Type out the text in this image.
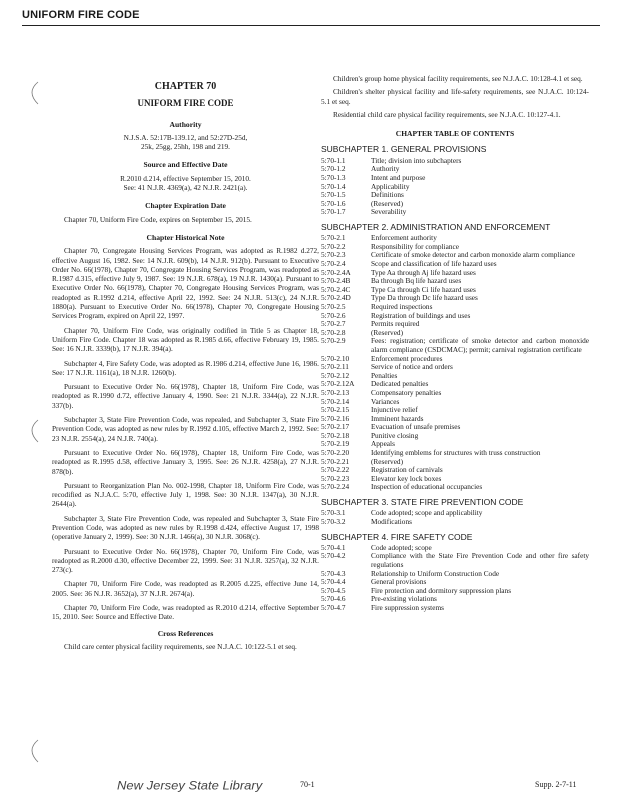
UNIFORM FIRE CODE
CHAPTER 70
UNIFORM FIRE CODE
Authority
N.J.S.A. 52:17B-139.12, and 52:27D-25d,
25k, 25gg, 25hh, 198 and 219.
Source and Effective Date
R.2010 d.214, effective September 15, 2010.
See: 41 N.J.R. 4369(a), 42 N.J.R. 2421(a).
Chapter Expiration Date
Chapter 70, Uniform Fire Code, expires on September 15, 2015.
Chapter Historical Note
Chapter 70, Congregate Housing Services Program, was adopted as R.1982 d.272, effective August 16, 1982. See: 14 N.J.R. 609(b), 14 N.J.R. 912(b). Pursuant to Executive Order No. 66(1978), Chapter 70, Congregate Housing Services Program, was readopted as R.1987 d.315, effective July 9, 1987. See: 19 N.J.R. 678(a), 19 N.J.R. 1430(a). Pursuant to Executive Order No. 66(1978), Chapter 70, Congregate Housing Services Program, was readopted as R.1992 d.214, effective April 22, 1992. See: 24 N.J.R. 513(c), 24 N.J.R. 1880(a). Pursuant to Executive Order No. 66(1978), Chapter 70, Congregate Housing Services Program, expired on April 22, 1997.
Chapter 70, Uniform Fire Code, was originally codified in Title 5 as Chapter 18, Uniform Fire Code. Chapter 18 was adopted as R.1985 d.66, effective February 19, 1985. See: 16 N.J.R. 3339(b), 17 N.J.R. 394(a).
Subchapter 4, Fire Safety Code, was adopted as R.1986 d.214, effective June 16, 1986. See: 17 N.J.R. 1161(a), 18 N.J.R. 1260(b).
Pursuant to Executive Order No. 66(1978), Chapter 18, Uniform Fire Code, was readopted as R.1990 d.72, effective January 4, 1990. See: 21 N.J.R. 3344(a), 22 N.J.R. 337(b).
Subchapter 3, State Fire Prevention Code, was repealed, and Subchapter 3, State Fire Prevention Code, was adopted as new rules by R.1992 d.105, effective March 2, 1992. See: 23 N.J.R. 2554(a), 24 N.J.R. 740(a).
Pursuant to Executive Order No. 66(1978), Chapter 18, Uniform Fire Code, was readopted as R.1995 d.58, effective January 3, 1995. See: 26 N.J.R. 4258(a), 27 N.J.R. 878(b).
Pursuant to Reorganization Plan No. 002-1998, Chapter 18, Uniform Fire Code, was recodified as N.J.A.C. 5:70, effective July 1, 1998. See: 30 N.J.R. 1347(a), 30 N.J.R. 2644(a).
Subchapter 3, State Fire Prevention Code, was repealed and Subchapter 3, State Fire Prevention Code, was adopted as new rules by R.1998 d.424, effective August 17, 1998 (operative January 2, 1999). See: 30 N.J.R. 1466(a), 30 N.J.R. 3068(c).
Pursuant to Executive Order No. 66(1978), Chapter 70, Uniform Fire Code, was readopted as R.2000 d.30, effective December 22, 1999. See: 31 N.J.R. 3257(a), 32 N.J.R. 273(c).
Chapter 70, Uniform Fire Code, was readopted as R.2005 d.225, effective June 14, 2005. See: 36 N.J.R. 3652(a), 37 N.J.R. 2674(a).
Chapter 70, Uniform Fire Code, was readopted as R.2010 d.214, effective September 15, 2010. See: Source and Effective Date.
Cross References
Child care center physical facility requirements, see N.J.A.C. 10:122-5.1 et seq.
Children's group home physical facility requirements, see N.J.A.C. 10:128-4.1 et seq.
Children's shelter physical facility and life-safety requirements, see N.J.A.C. 10:124-5.1 et seq.
Residential child care physical facility requirements, see N.J.A.C. 10:127-4.1.
CHAPTER TABLE OF CONTENTS
SUBCHAPTER 1. GENERAL PROVISIONS
5:70-1.1	Title; division into subchapters
5:70-1.2	Authority
5:70-1.3	Intent and purpose
5:70-1.4	Applicability
5:70-1.5	Definitions
5:70-1.6	(Reserved)
5:70-1.7	Severability
SUBCHAPTER 2. ADMINISTRATION AND ENFORCEMENT
5:70-2.1	Enforcement authority
5:70-2.2	Responsibility for compliance
5:70-2.3	Certificate of smoke detector and carbon monoxide alarm compliance
5:70-2.4	Scope and classification of life hazard uses
5:70-2.4A	Type Aa through Aj life hazard uses
5:70-2.4B	Ba through Bq life hazard uses
5:70-2.4C	Type Ca through Ci life hazard uses
5:70-2.4D	Type Da through Dc life hazard uses
5:70-2.5	Required inspections
5:70-2.6	Registration of buildings and uses
5:70-2.7	Permits required
5:70-2.8	(Reserved)
5:70-2.9	Fees: registration; certificate of smoke detector and carbon monoxide alarm compliance (CSDCMAC); permit; carnival registration certificate
5:70-2.10	Enforcement procedures
5:70-2.11	Service of notice and orders
5:70-2.12	Penalties
5:70-2.12A	Dedicated penalties
5:70-2.13	Compensatory penalties
5:70-2.14	Variances
5:70-2.15	Injunctive relief
5:70-2.16	Imminent hazards
5:70-2.17	Evacuation of unsafe premises
5:70-2.18	Punitive closing
5:70-2.19	Appeals
5:70-2.20	Identifying emblems for structures with truss construction
5:70-2.21	(Reserved)
5:70-2.22	Registration of carnivals
5:70-2.23	Elevator key lock boxes
5:70-2.24	Inspection of educational occupancies
SUBCHAPTER 3. STATE FIRE PREVENTION CODE
5:70-3.1	Code adopted; scope and applicability
5:70-3.2	Modifications
SUBCHAPTER 4. FIRE SAFETY CODE
5:70-4.1	Code adopted; scope
5:70-4.2	Compliance with the State Fire Prevention Code and other fire safety regulations
5:70-4.3	Relationship to Uniform Construction Code
5:70-4.4	General provisions
5:70-4.5	Fire protection and dormitory suppression plans
5:70-4.6	Pre-existing violations
5:70-4.7	Fire suppression systems
New Jersey State Library	70-1	Supp. 2-7-11
